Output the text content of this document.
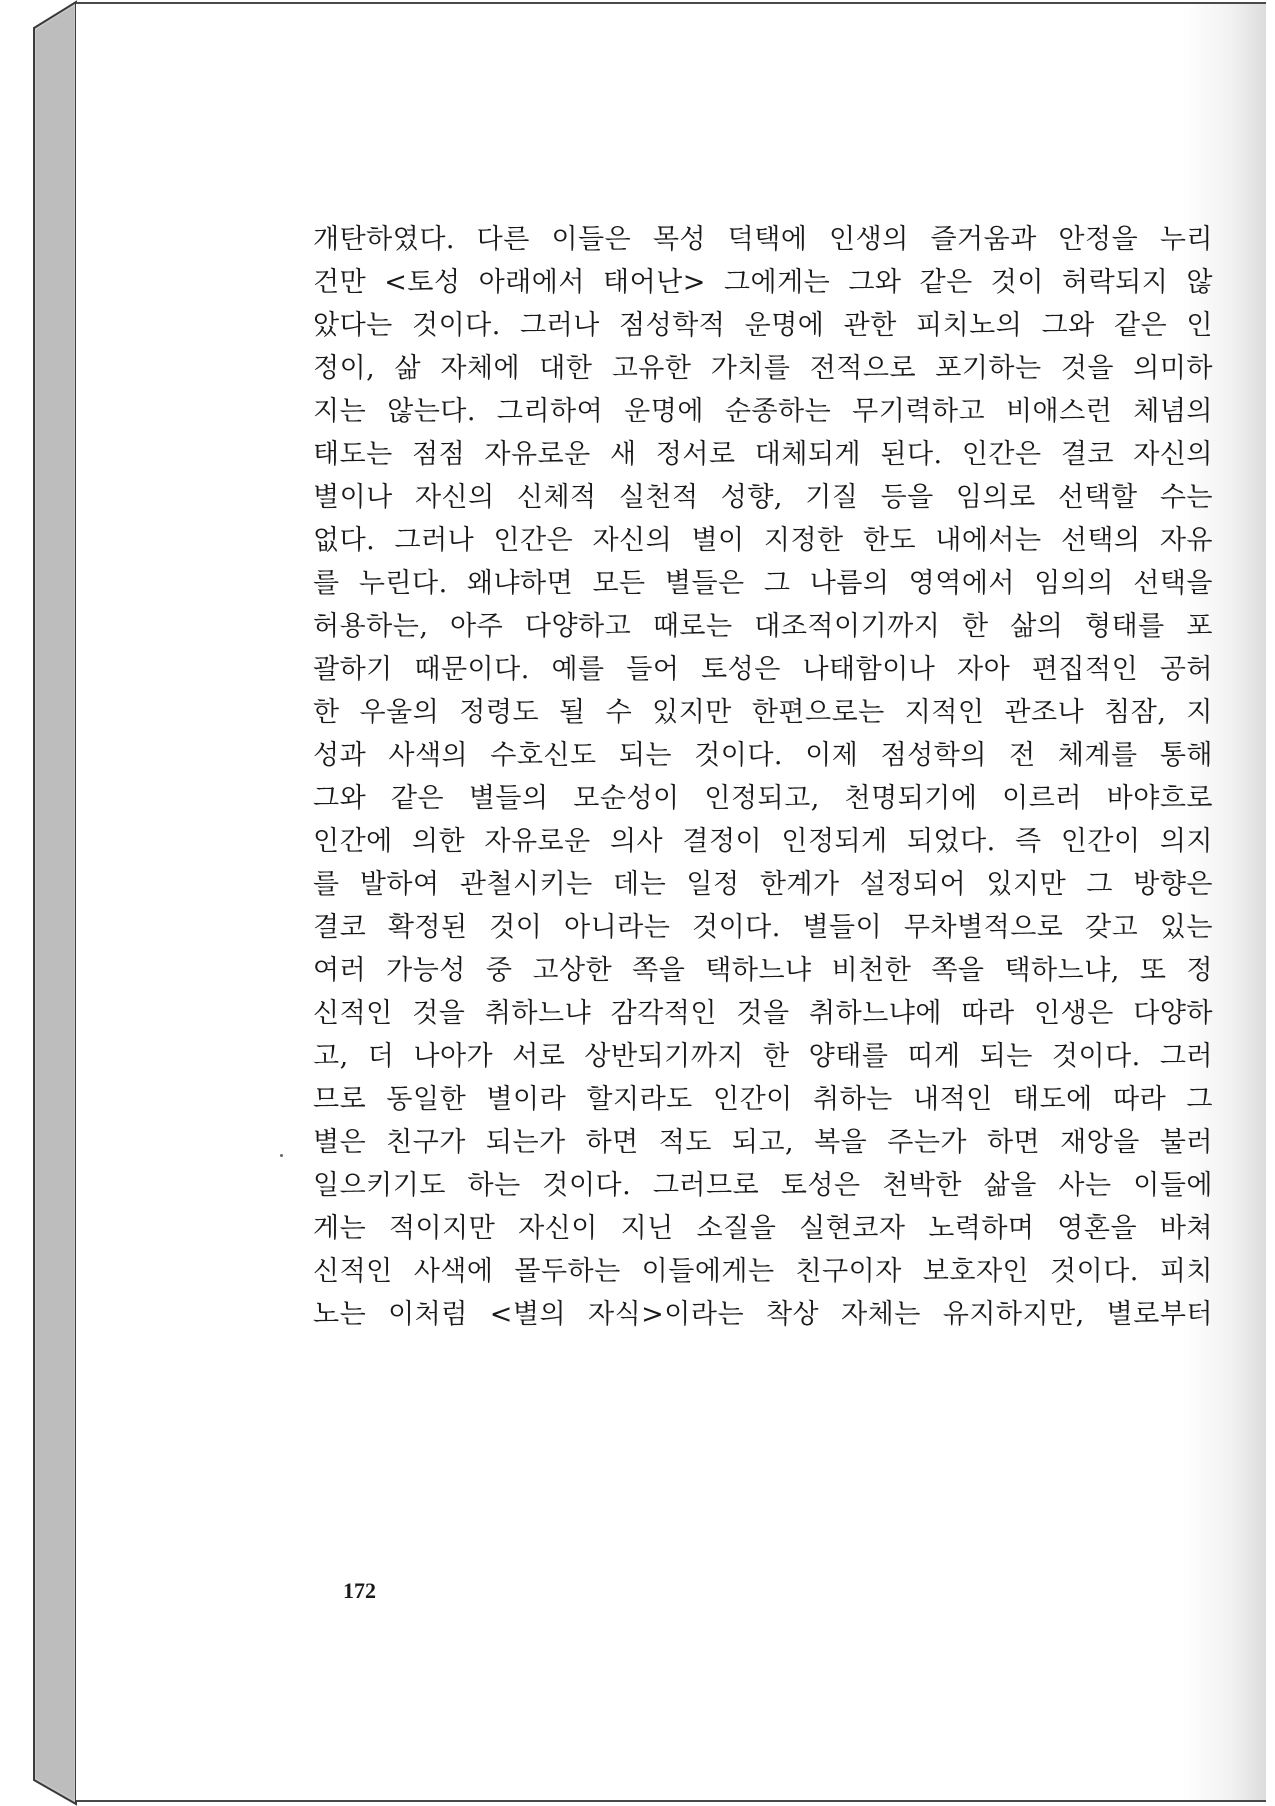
개탄하였다. 다른 이들은 목성 덕택에 인생의 즐거움과 안정을 누리
건만 <토성 아래에서 태어난> 그에게는 그와 같은 것이 허락되지 않
았다는 것이다. 그러나 점성학적 운명에 관한 피치노의 그와 같은 인
정이, 삶 자체에 대한 고유한 가치를 전적으로 포기하는 것을 의미하
지는 않는다. 그리하여 운명에 순종하는 무기력하고 비애스런 체념의
태도는 점점 자유로운 새 정서로 대체되게 된다. 인간은 결코 자신의
별이나 자신의 신체적 실천적 성향, 기질 등을 임의로 선택할 수는
없다. 그러나 인간은 자신의 별이 지정한 한도 내에서는 선택의 자유
를 누린다. 왜냐하면 모든 별들은 그 나름의 영역에서 임의의 선택을
허용하는, 아주 다양하고 때로는 대조적이기까지 한 삶의 형태를 포
괄하기 때문이다. 예를 들어 토성은 나태함이나 자아 편집적인 공허
한 우울의 정령도 될 수 있지만 한편으로는 지적인 관조나 침잠, 지
성과 사색의 수호신도 되는 것이다. 이제 점성학의 전 체계를 통해
그와 같은 별들의 모순성이 인정되고, 천명되기에 이르러 바야흐로
인간에 의한 자유로운 의사 결정이 인정되게 되었다. 즉 인간이 의지
를 발하여 관철시키는 데는 일정 한계가 설정되어 있지만 그 방향은
결코 확정된 것이 아니라는 것이다. 별들이 무차별적으로 갖고 있는
여러 가능성 중 고상한 쪽을 택하느냐 비천한 쪽을 택하느냐, 또 정
신적인 것을 취하느냐 감각적인 것을 취하느냐에 따라 인생은 다양하
고, 더 나아가 서로 상반되기까지 한 양태를 띠게 되는 것이다. 그러
므로 동일한 별이라 할지라도 인간이 취하는 내적인 태도에 따라 그
별은 친구가 되는가 하면 적도 되고, 복을 주는가 하면 재앙을 불러
일으키기도 하는 것이다. 그러므로 토성은 천박한 삶을 사는 이들에
게는 적이지만 자신이 지닌 소질을 실현코자 노력하며 영혼을 바쳐
신적인 사색에 몰두하는 이들에게는 친구이자 보호자인 것이다. 피치
노는 이처럼 <별의 자식>이라는 착상 자체는 유지하지만, 별로부터
172
